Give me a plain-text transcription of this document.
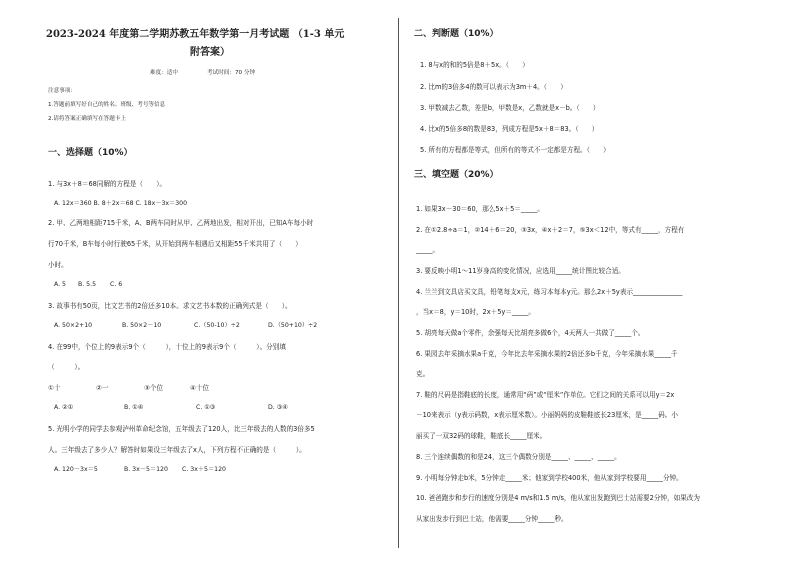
2023-2024 年度第二学期苏教五年数学第一月考试题 （1-3 单元
附答案）
难度：适中	考试时间：70 分钟
注意事项：
1.答题前填写好自己的姓名、班级、考号等信息
2.请将答案正确填写在答题卡上
一、选择题（10%）
1. 与3x＋8＝68同解的方程是（　　）。
A. 12x＝360 B. 8＋2x＝68 C. 18x－3x＝300
2. 甲、乙两地相距715千米，A、B两车同时从甲、乙两地出发，相对开出，已知A车每小时
行70千米，B车每小时行驶65千米，从开始到两车相遇后又相距55千米共用了（　　）
小时。
A. 5 B. 5.5 C. 6
3. 故事书有50页，比文艺书的2倍还多10本。求文艺书本数的正确列式是（　　）。
A. 50×2+10	B. 50×2－10	C.（50-10）÷2	D.（50+10）÷2
4. 在99中，个位上的9表示9个（　　　），十位上的9表示9个（　　　）。分别填
（　　　）。
①十	②一	③个位	④十位
A. ②①	B. ①④	C. ①③	D. ③④
5. 光明小学的同学去参观泸州革命纪念馆，五年级去了120人，比三年级去的人数的3倍多5
人。三年级去了多少人？解答时如果设三年级去了x人，下列方程不正确的是（　　　）。
A. 120－3x＝5	B. 3x－5＝120 C. 3x＋5＝120
二、判断题（10%）
1. 8与x的和的5倍是8＋5x。（　　）
2. 比m的3倍多4的数可以表示为3m＋4。（　　）
3. 甲数减去乙数，差是b，甲数是x，乙数就是x－b。（　　）
4. 比x的5倍多8的数是83，列成方程是5x＋8＝83。（　　）
5. 所有的方程都是等式，但所有的等式不一定都是方程。（　　）
三、填空题（20%）
1. 如果3x－30＝60，那么5x＋5＝_____。
2. 在①2.8÷a＝1，②14＋6＝20，③3x，④x＋2＝7，⑤3x＜12中，等式有_____，方程有
_____。
3. 要反映小明1～11岁身高的变化情况，应选用_____统计图比较合适。
4. 兰兰到文具店买文具，铅笔每支x元，练习本每本y元。那么2x＋5y表示_______________
，当x＝8，y＝10时，2x＋5y＝_____。
5. 胡亮每天做a个零件，余强每天比胡亮多做6个，4天两人一共做了_____个。
6. 果园去年采摘水果a千克，今年比去年采摘水果的2倍还多b千克，今年采摘水果_____千
克。
7. 鞋的尺码是指鞋底的长度，通常用“码”或“厘米”作单位。它们之间的关系可以用y＝2x
－10来表示（y表示码数，x表示厘米数）。小丽妈妈的皮鞋鞋底长23厘米，是_____码。小
丽买了一双32码的球鞋，鞋底长_____厘米。
8. 三个连续偶数的和是24，这三个偶数分别是_____、_____、_____。
9. 小明每分钟走b米，5分钟走_____米；他家到学校400米，他从家到学校要用_____分钟。
10. 爸爸跑步和步行的速度分别是4 m/s和1.5 m/s，他从家出发跑到巴士站需要2分钟，如果改为
从家出发步行到巴士站，他需要_____分钟_____秒。
